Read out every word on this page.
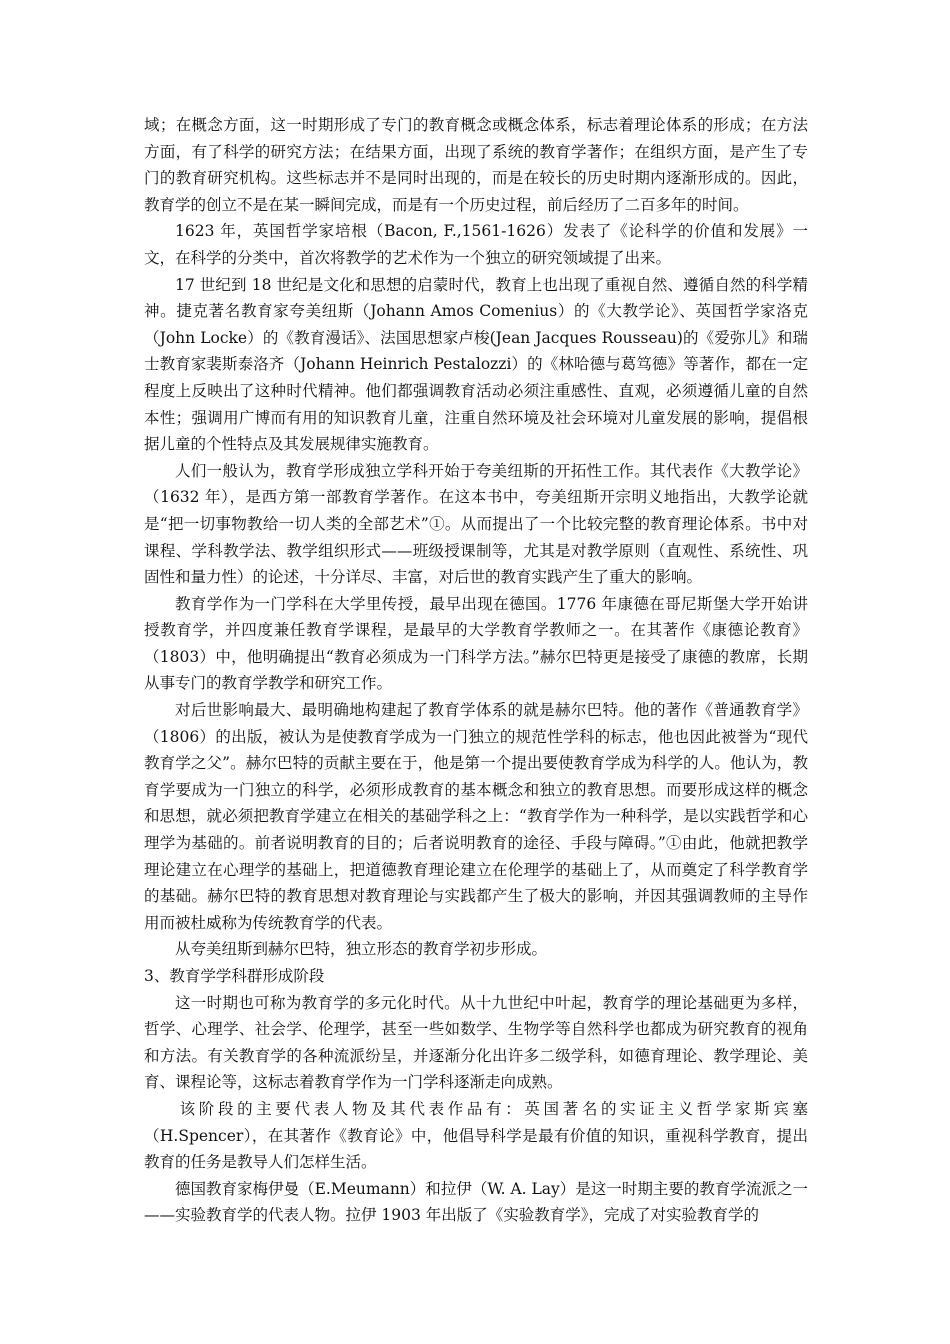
域；在概念方面，这一时期形成了专门的教育概念或概念体系，标志着理论体系的形成；在方法方面，有了科学的研究方法；在结果方面，出现了系统的教育学著作；在组织方面，是产生了专门的教育研究机构。这些标志并不是同时出现的，而是在较长的历史时期内逐渐形成的。因此，教育学的创立不是在某一瞬间完成，而是有一个历史过程，前后经历了二百多年的时间。

1623 年，英国哲学家培根（Bacon, F.,1561-1626）发表了《论科学的价值和发展》一文，在科学的分类中，首次将教学的艺术作为一个独立的研究领域提了出来。

17 世纪到 18 世纪是文化和思想的启蒙时代，教育上也出现了重视自然、遵循自然的科学精神。捷克著名教育家夸美纽斯（Johann Amos Comenius）的《大教学论》、英国哲学家洛克（John Locke）的《教育漫话》、法国思想家卢梭(Jean Jacques Rousseau)的《爱弥儿》和瑞士教育家裴斯泰洛齐（Johann Heinrich Pestalozzi）的《林哈德与葛笃德》等著作，都在一定程度上反映出了这种时代精神。他们都强调教育活动必须注重感性、直观，必须遵循儿童的自然本性；强调用广博而有用的知识教育儿童，注重自然环境及社会环境对儿童发展的影响，提倡根据儿童的个性特点及其发展规律实施教育。

人们一般认为，教育学形成独立学科开始于夸美纽斯的开拓性工作。其代表作《大教学论》（1632 年），是西方第一部教育学著作。在这本书中，夸美纽斯开宗明义地指出，大教学论就是“把一切事物教给一切人类的全部艺术”①。从而提出了一个比较完整的教育理论体系。书中对课程、学科教学法、教学组织形式——班级授课制等，尤其是对教学原则（直观性、系统性、巩固性和量力性）的论述，十分详尽、丰富，对后世的教育实践产生了重大的影响。

教育学作为一门学科在大学里传授，最早出现在德国。1776 年康德在哥尼斯堡大学开始讲授教育学，并四度兼任教育学课程，是最早的大学教育学教师之一。在其著作《康德论教育》（1803）中，他明确提出“教育必须成为一门科学方法。”赫尔巴特更是接受了康德的教席，长期从事专门的教育学教学和研究工作。

对后世影响最大、最明确地构建起了教育学体系的就是赫尔巴特。他的著作《普通教育学》（1806）的出版，被认为是使教育学成为一门独立的规范性学科的标志，他也因此被誉为“现代教育学之父”。赫尔巴特的贡献主要在于，他是第一个提出要使教育学成为科学的人。他认为，教育学要成为一门独立的科学，必须形成教育的基本概念和独立的教育思想。而要形成这样的概念和思想，就必须把教育学建立在相关的基础学科之上：“教育学作为一种科学，是以实践哲学和心理学为基础的。前者说明教育的目的；后者说明教育的途径、手段与障碍。”①由此，他就把教学理论建立在心理学的基础上，把道德教育理论建立在伦理学的基础上了，从而奠定了科学教育学的基础。赫尔巴特的教育思想对教育理论与实践都产生了极大的影响，并因其强调教师的主导作用而被杜威称为传统教育学的代表。

从夸美纽斯到赫尔巴特，独立形态的教育学初步形成。

3、教育学学科群形成阶段

这一时期也可称为教育学的多元化时代。从十九世纪中叶起，教育学的理论基础更为多样，哲学、心理学、社会学、伦理学，甚至一些如数学、生物学等自然科学也都成为研究教育的视角和方法。有关教育学的各种流派纷呈，并逐渐分化出许多二级学科，如德育理论、教学理论、美育、课程论等，这标志着教育学作为一门学科逐渐走向成熟。

该阶段的主要代表人物及其代表作品有：英国著名的实证主义哲学家斯宾塞（H.Spencer），在其著作《教育论》中，他倡导科学是最有价值的知识，重视科学教育，提出教育的任务是教导人们怎样生活。

德国教育家梅伊曼（E.Meumann）和拉伊（W. A. Lay）是这一时期主要的教育学流派之一——实验教育学的代表人物。拉伊 1903 年出版了《实验教育学》，完成了对实验教育学的
